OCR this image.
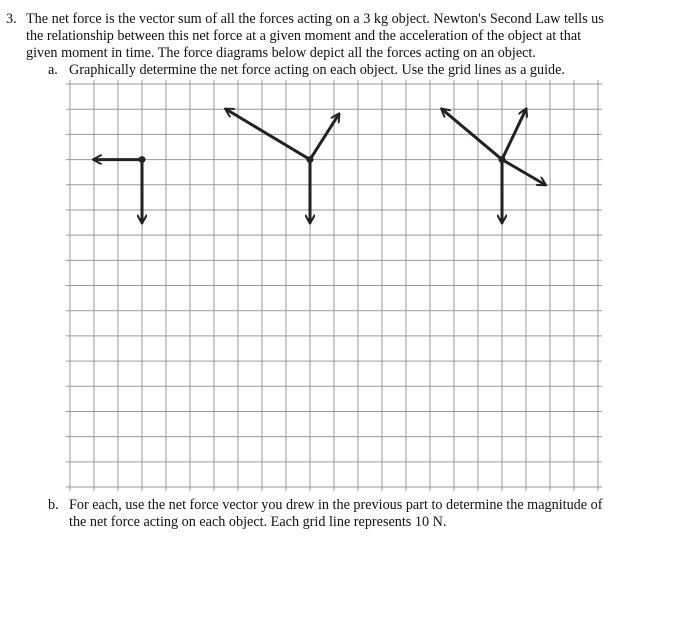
3. The net force is the vector sum of all the forces acting on a 3 kg object. Newton's Second Law tells us
the relationship between this net force at a given moment and the acceleration of the object at that
given moment in time. The force diagrams below depict all the forces acting on an object.
a. Graphically determine the net force acting on each object. Use the grid lines as a guide.
b. For each, use the net force vector you drew in the previous part to determine the magnitude of
the net force acting on each object. Each grid line represents 10 N.
